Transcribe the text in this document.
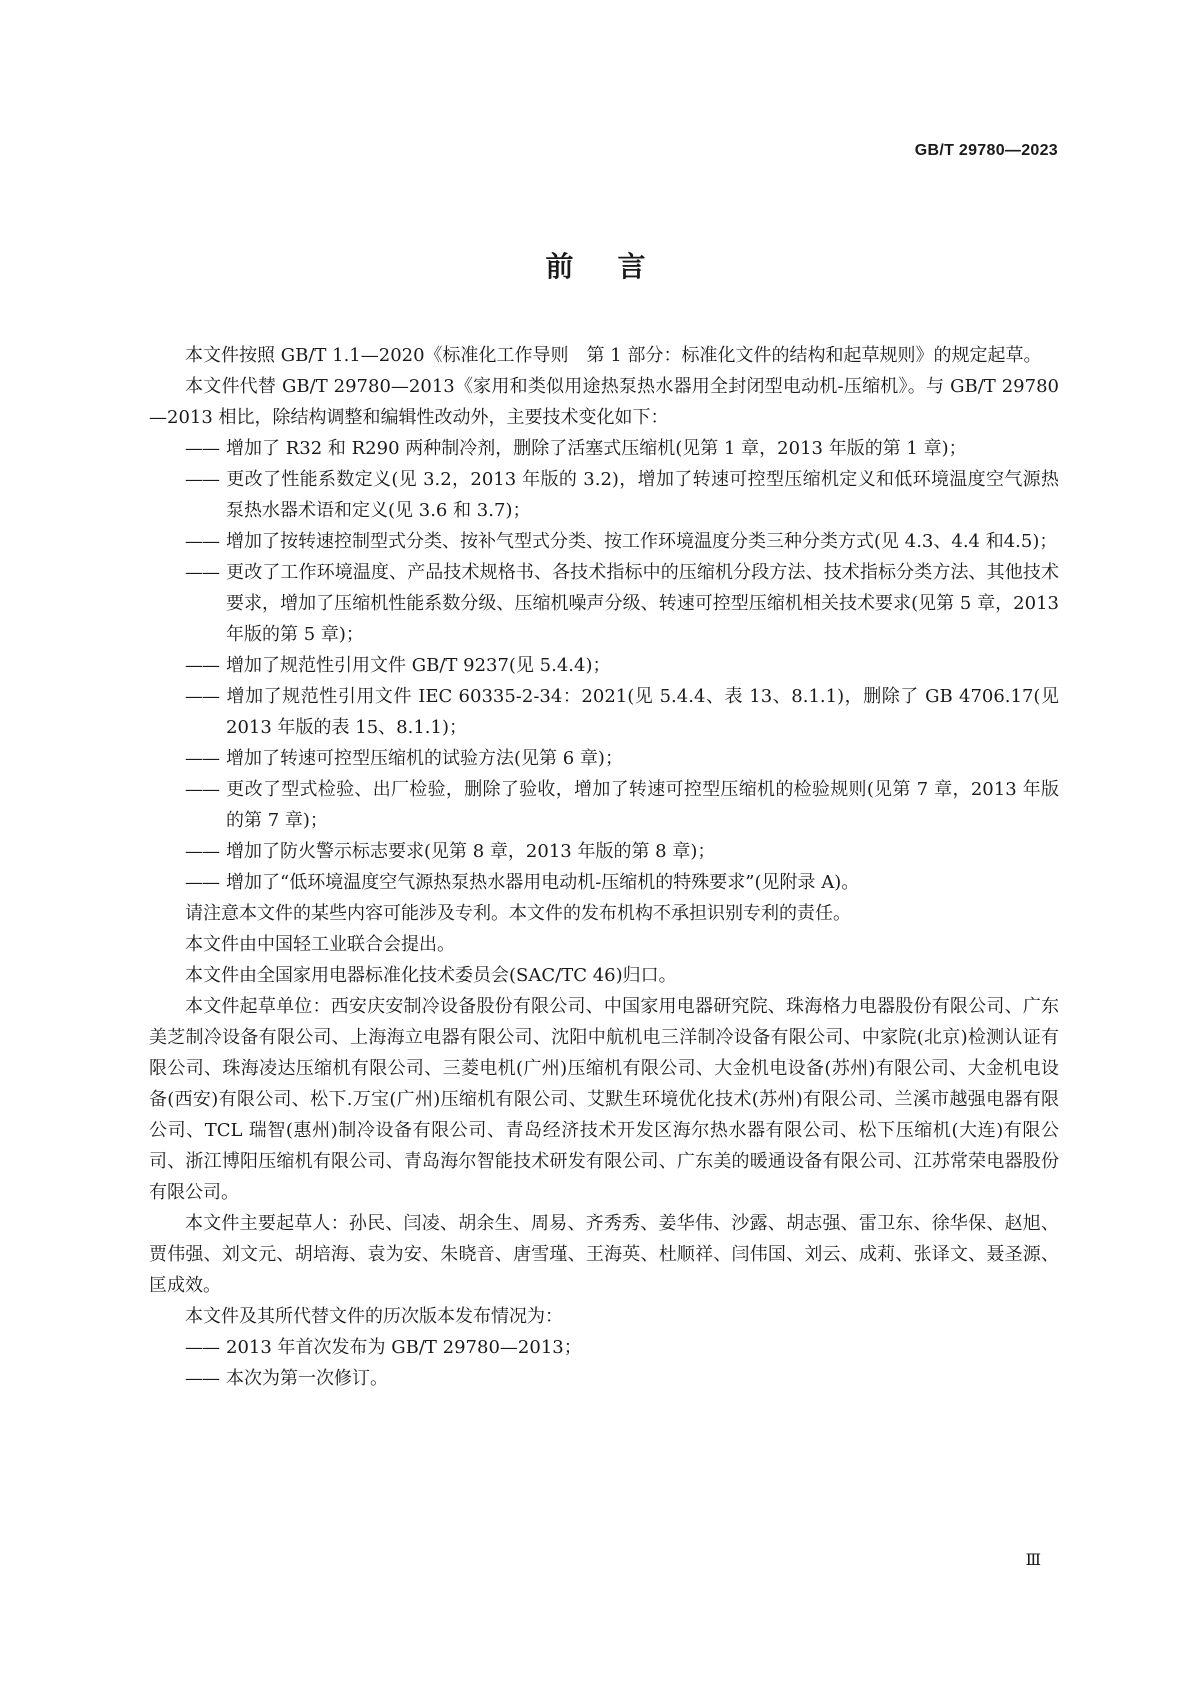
GB/T 29780—2023
前言

本文件按照 GB/T 1.1—2020《标准化工作导则　第 1 部分：标准化文件的结构和起草规则》的规定起草。

本文件代替 GB/T 29780—2013《家用和类似用途热泵热水器用全封闭型电动机-压缩机》。与 GB/T 29780—2013 相比，除结构调整和编辑性改动外，主要技术变化如下：

—— 增加了 R32 和 R290 两种制冷剂，删除了活塞式压缩机(见第 1 章，2013 年版的第 1 章)；

—— 更改了性能系数定义(见 3.2，2013 年版的 3.2)，增加了转速可控型压缩机定义和低环境温度空气源热泵热水器术语和定义(见 3.6 和 3.7)；

—— 增加了按转速控制型式分类、按补气型式分类、按工作环境温度分类三种分类方式(见 4.3、4.4 和4.5)；

—— 更改了工作环境温度、产品技术规格书、各技术指标中的压缩机分段方法、技术指标分类方法、其他技术要求，增加了压缩机性能系数分级、压缩机噪声分级、转速可控型压缩机相关技术要求(见第 5 章，2013 年版的第 5 章)；

—— 增加了规范性引用文件 GB/T 9237(见 5.4.4)；

—— 增加了规范性引用文件 IEC 60335-2-34：2021(见 5.4.4、表 13、8.1.1)，删除了 GB 4706.17(见 2013 年版的表 15、8.1.1)；

—— 增加了转速可控型压缩机的试验方法(见第 6 章)；

—— 更改了型式检验、出厂检验，删除了验收，增加了转速可控型压缩机的检验规则(见第 7 章，2013 年版的第 7 章)；

—— 增加了防火警示标志要求(见第 8 章，2013 年版的第 8 章)；

—— 增加了“低环境温度空气源热泵热水器用电动机-压缩机的特殊要求”(见附录 A)。

请注意本文件的某些内容可能涉及专利。本文件的发布机构不承担识别专利的责任。

本文件由中国轻工业联合会提出。

本文件由全国家用电器标准化技术委员会(SAC/TC 46)归口。

本文件起草单位：西安庆安制冷设备股份有限公司、中国家用电器研究院、珠海格力电器股份有限公司、广东美芝制冷设备有限公司、上海海立电器有限公司、沈阳中航机电三洋制冷设备有限公司、中家院(北京)检测认证有限公司、珠海凌达压缩机有限公司、三菱电机(广州)压缩机有限公司、大金机电设备(苏州)有限公司、大金机电设备(西安)有限公司、松下.万宝(广州)压缩机有限公司、艾默生环境优化技术(苏州)有限公司、兰溪市越强电器有限公司、TCL 瑞智(惠州)制冷设备有限公司、青岛经济技术开发区海尔热水器有限公司、松下压缩机(大连)有限公司、浙江博阳压缩机有限公司、青岛海尔智能技术研发有限公司、广东美的暖通设备有限公司、江苏常荣电器股份有限公司。

本文件主要起草人：孙民、闫凌、胡余生、周易、齐秀秀、姜华伟、沙露、胡志强、雷卫东、徐华保、赵旭、贾伟强、刘文元、胡培海、袁为安、朱晓音、唐雪瑾、王海英、杜顺祥、闫伟国、刘云、成莉、张译文、聂圣源、匡成效。

本文件及其所代替文件的历次版本发布情况为：

—— 2013 年首次发布为 GB/T 29780—2013；

—— 本次为第一次修订。

Ⅲ
